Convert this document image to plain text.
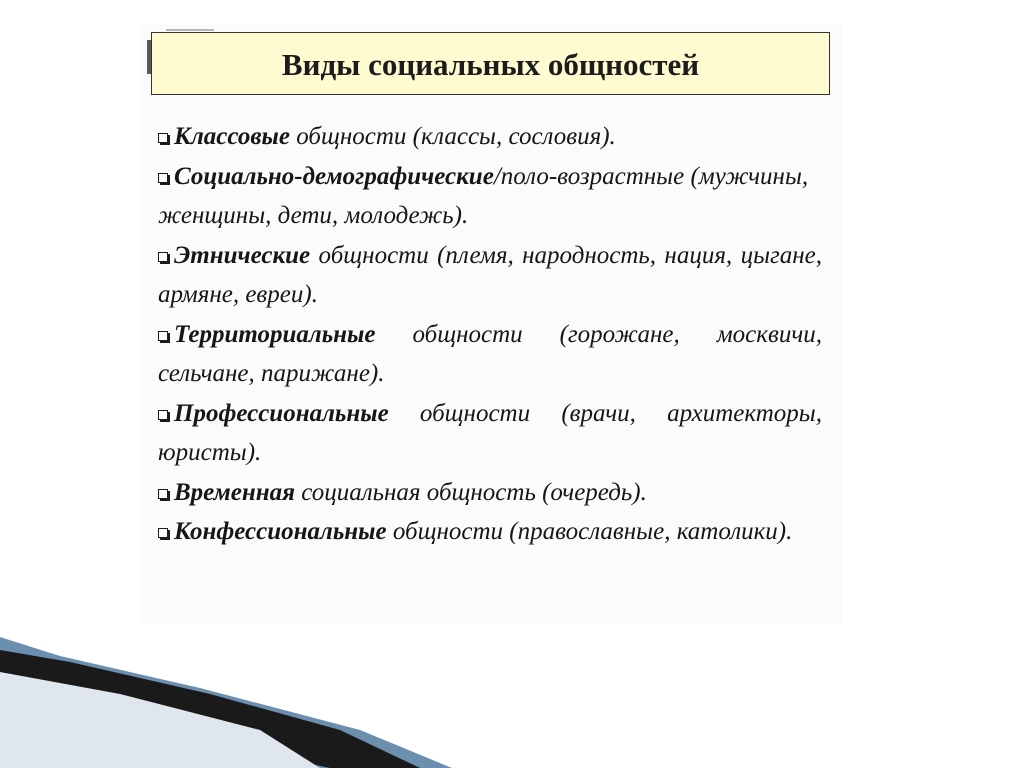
Виды социальных общностей
Классовые общности (классы, сословия).
Социально-демографические/поло-возрастные (мужчины, женщины, дети, молодежь).
Этнические общности (племя, народность, нация, цыгане, армяне, евреи).
Территориальные общности (горожане, москвичи, сельчане, парижане).
Профессиональные общности (врачи, архитекторы, юристы).
Временная социальная общность (очередь).
Конфессиональные общности (православные, католики).
